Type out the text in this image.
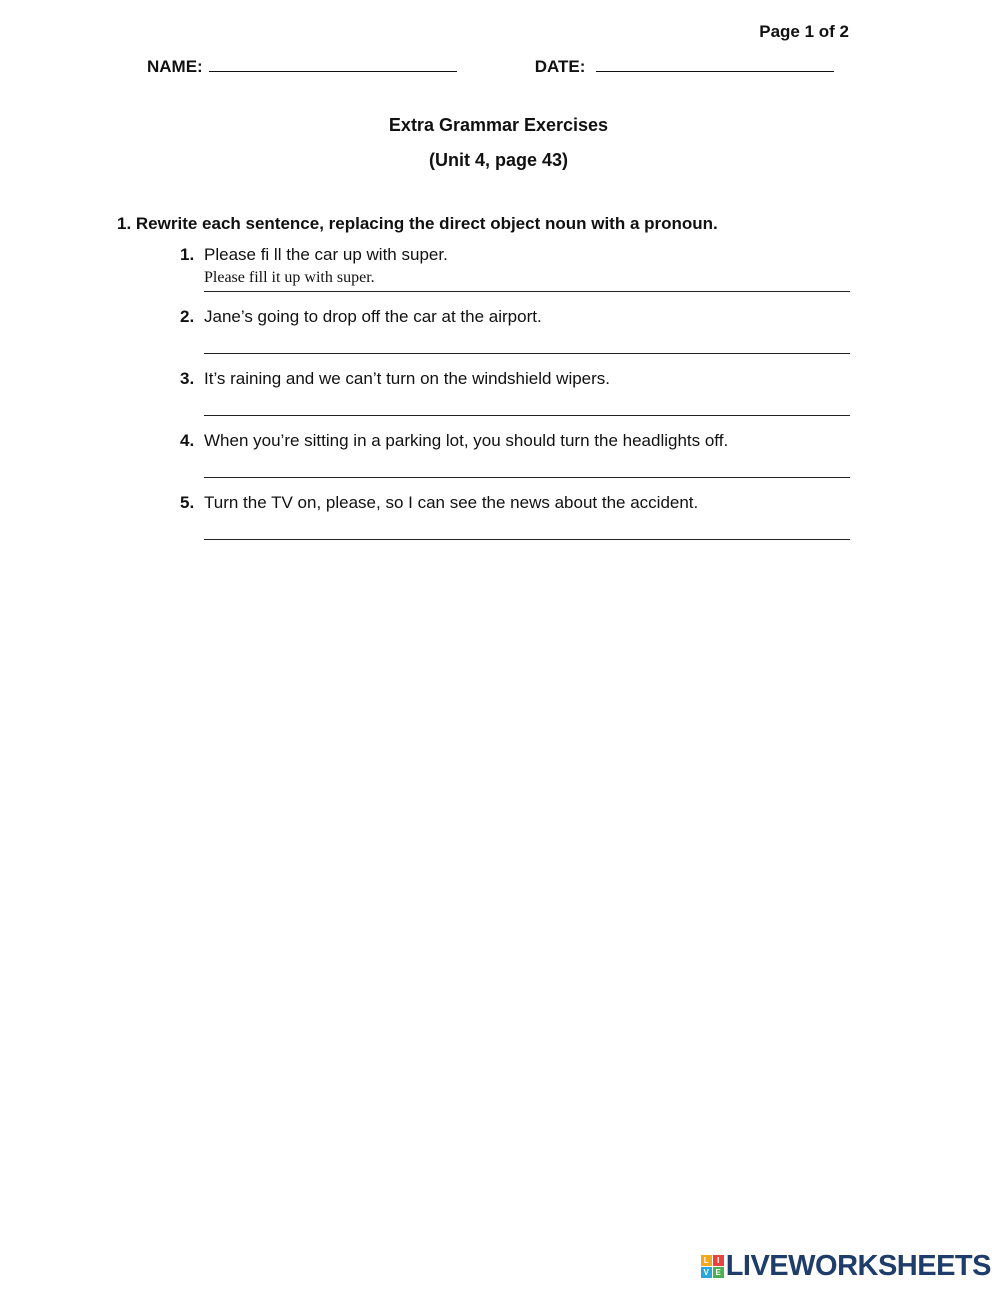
Page 1 of 2
NAME:	DATE:
Extra Grammar Exercises
(Unit 4, page 43)
1. Rewrite each sentence, replacing the direct object noun with a pronoun.
1. Please fi ll the car up with super.
Please fill it up with super.
2. Jane’s going to drop off the car at the airport.
3. It’s raining and we can’t turn on the windshield wipers.
4. When you’re sitting in a parking lot, you should turn the headlights off.
5. Turn the TV on, please, so I can see the news about the accident.
L	I
V E LIVEWORKSHEETS
